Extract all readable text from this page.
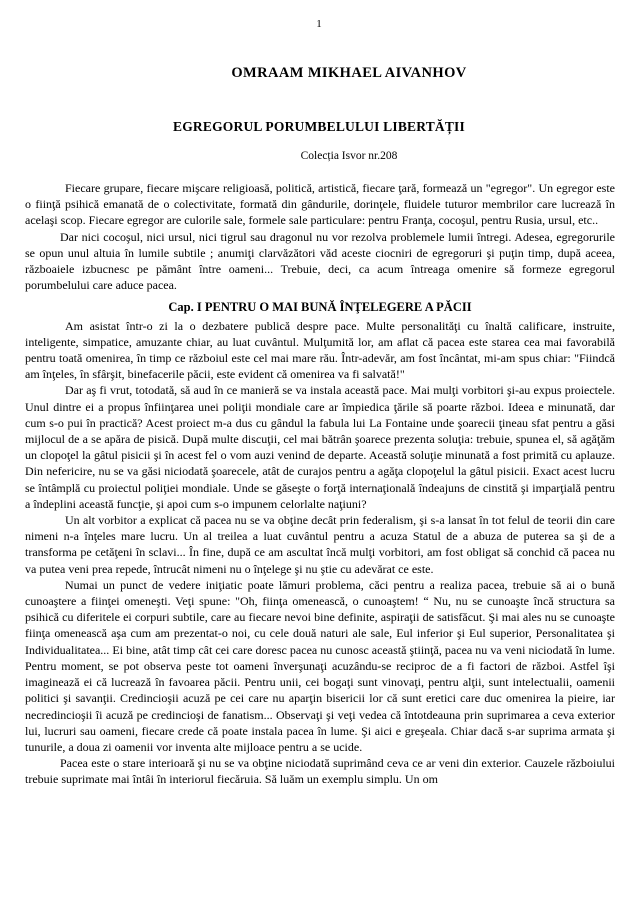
1
OMRAAM MIKHAEL AIVANHOV
EGREGORUL PORUMBELULUI LIBERTĂȚII
Colecția Isvor nr.208

Fiecare grupare, fiecare mişcare religioasă, politică, artistică, fiecare ţară, formează un "egregor". Un egregor este o fiinţă psihică emanată de o colectivitate, formată din gândurile, dorinţele, fluidele tuturor membrilor care lucrează în acelaşi scop. Fiecare egregor are culorile sale, formele sale particulare: pentru Franţa, cocoşul, pentru Rusia, ursul, etc..

Dar nici cocoşul, nici ursul, nici tigrul sau dragonul nu vor rezolva problemele lumii întregi. Adesea, egregorurile se opun unul altuia în lumile subtile ; anumiţi clarvăzători văd aceste ciocniri de egregoruri şi puţin timp, după aceea, războaiele izbucnesc pe pământ între oameni... Trebuie, deci, ca acum întreaga omenire să formeze egregorul porumbelului care aduce pacea.

Cap. I PENTRU O MAI BUNĂ ÎNŢELEGERE A PĂCII

Am asistat într-o zi la o dezbatere publică despre pace. Multe personalităţi cu înaltă calificare, instruite, inteligente, simpatice, amuzante chiar, au luat cuvântul. Mulţumită lor, am aflat că pacea este starea cea mai favorabilă pentru toată omenirea, în timp ce războiul este cel mai mare rău. Într-adevăr, am fost încântat, mi-am spus chiar: "Fiindcă am înţeles, în sfârşit, binefacerile păcii, este evident că omenirea va fi salvată!"

Dar aş fi vrut, totodată, să aud în ce manieră se va instala această pace. Mai mulţi vorbitori şi-au expus proiectele. Unul dintre ei a propus înfiinţarea unei poliţii mondiale care ar împiedica ţările să poarte război. Ideea e minunată, dar cum s-o pui în practică? Acest proiect m-a dus cu gândul la fabula lui La Fontaine unde şoarecii ţineau sfat pentru a găsi mijlocul de a se apăra de pisică. După multe discuţii, cel mai bătrân şoarece prezenta soluţia: trebuie, spunea el, să agăţăm un clopoţel la gâtul pisicii şi în acest fel o vom auzi venind de departe. Această soluţie minunată a fost primită cu aplauze. Din nefericire, nu se va găsi niciodată şoarecele, atât de curajos pentru a agăţa clopoţelul la gâtul pisicii. Exact acest lucru se întâmplă cu proiectul poliţiei mondiale. Unde se găseşte o forţă internaţională îndeajuns de cinstită şi imparţială pentru a îndeplini această funcţie, şi apoi cum s-o impunem celorlalte naţiuni?

Un alt vorbitor a explicat că pacea nu se va obţine decât prin federalism, şi s-a lansat în tot felul de teorii din care nimeni n-a înţeles mare lucru. Un al treilea a luat cuvântul pentru a acuza Statul de a abuza de puterea sa şi de a transforma pe cetăţeni în sclavi... În fine, după ce am ascultat încă mulţi vorbitori, am fost obligat să conchid că pacea nu va putea veni prea repede, întrucât nimeni nu o înţelege şi nu ştie cu adevărat ce este.

Numai un punct de vedere iniţiatic poate lămuri problema, căci pentru a realiza pacea, trebuie să ai o bună cunoaştere a fiinţei omeneşti. Veţi spune: "Oh, fiinţa omenească, o cunoaştem! “ Nu, nu se cunoaşte încă structura sa psihică cu diferitele ei corpuri subtile, care au fiecare nevoi bine definite, aspiraţii de satisfăcut. Şi mai ales nu se cunoaşte fiinţa omenească aşa cum am prezentat-o noi, cu cele două naturi ale sale, Eul inferior şi Eul superior, Personalitatea şi Individualitatea... Ei bine, atât timp cât cei care doresc pacea nu cunosc această ştiinţă, pacea nu va veni niciodată în lume. Pentru moment, se pot observa peste tot oameni înverşunaţi acuzându-se reciproc de a fi factori de război. Astfel îşi imaginează ei că lucrează în favoarea păcii. Pentru unii, cei bogaţi sunt vinovaţi, pentru alţii, sunt intelectualii, oamenii politici şi savanţii. Credincioşii acuză pe cei care nu aparţin bisericii lor că sunt eretici care duc omenirea la pieire, iar necredincioşii îi acuză pe credincioşi de fanatism... Observaţi şi veţi vedea că întotdeauna prin suprimarea a ceva exterior lui, lucruri sau oameni, fiecare crede că poate instala pacea în lume. Şi aici e greşeala. Chiar dacă s-ar suprima armata şi tunurile, a doua zi oamenii vor inventa alte mijloace pentru a se ucide.

Pacea este o stare interioară şi nu se va obţine niciodată suprimând ceva ce ar veni din exterior. Cauzele războiului trebuie suprimate mai întâi în interiorul fiecăruia. Să luăm un exemplu simplu. Un om
